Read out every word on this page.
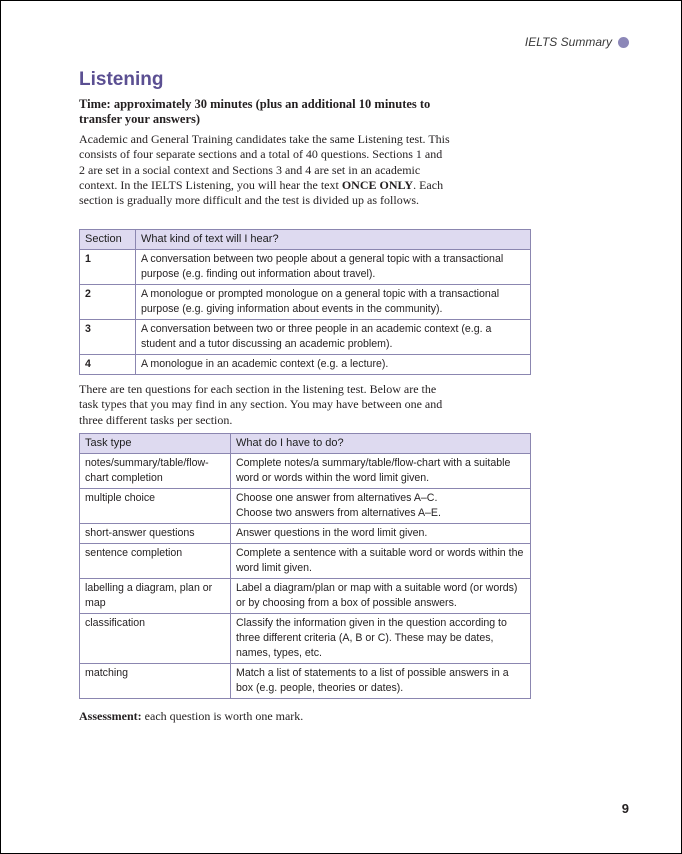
IELTS Summary
Listening
Time: approximately 30 minutes (plus an additional 10 minutes to transfer your answers)
Academic and General Training candidates take the same Listening test. This consists of four separate sections and a total of 40 questions. Sections 1 and 2 are set in a social context and Sections 3 and 4 are set in an academic context. In the IELTS Listening, you will hear the text ONCE ONLY. Each section is gradually more difficult and the test is divided up as follows.
Section	What kind of text will I hear?
1	A conversation between two people about a general topic with a transactional purpose (e.g. finding out information about travel).
2	A monologue or prompted monologue on a general topic with a transactional purpose (e.g. giving information about events in the community).
3	A conversation between two or three people in an academic context (e.g. a student and a tutor discussing an academic problem).
4	A monologue in an academic context (e.g. a lecture).
There are ten questions for each section in the listening test. Below are the task types that you may find in any section. You may have between one and three different tasks per section.
Task type	What do I have to do?
notes/summary/table/flow-chart completion	Complete notes/a summary/table/flow-chart with a suitable word or words within the word limit given.
multiple choice	Choose one answer from alternatives A–C.
Choose two answers from alternatives A–E.
short-answer questions	Answer questions in the word limit given.
sentence completion	Complete a sentence with a suitable word or words within the word limit given.
labelling a diagram, plan or map	Label a diagram/plan or map with a suitable word (or words) or by choosing from a box of possible answers.
classification	Classify the information given in the question according to three different criteria (A, B or C). These may be dates, names, types, etc.
matching	Match a list of statements to a list of possible answers in a box (e.g. people, theories or dates).
Assessment: each question is worth one mark.
9
